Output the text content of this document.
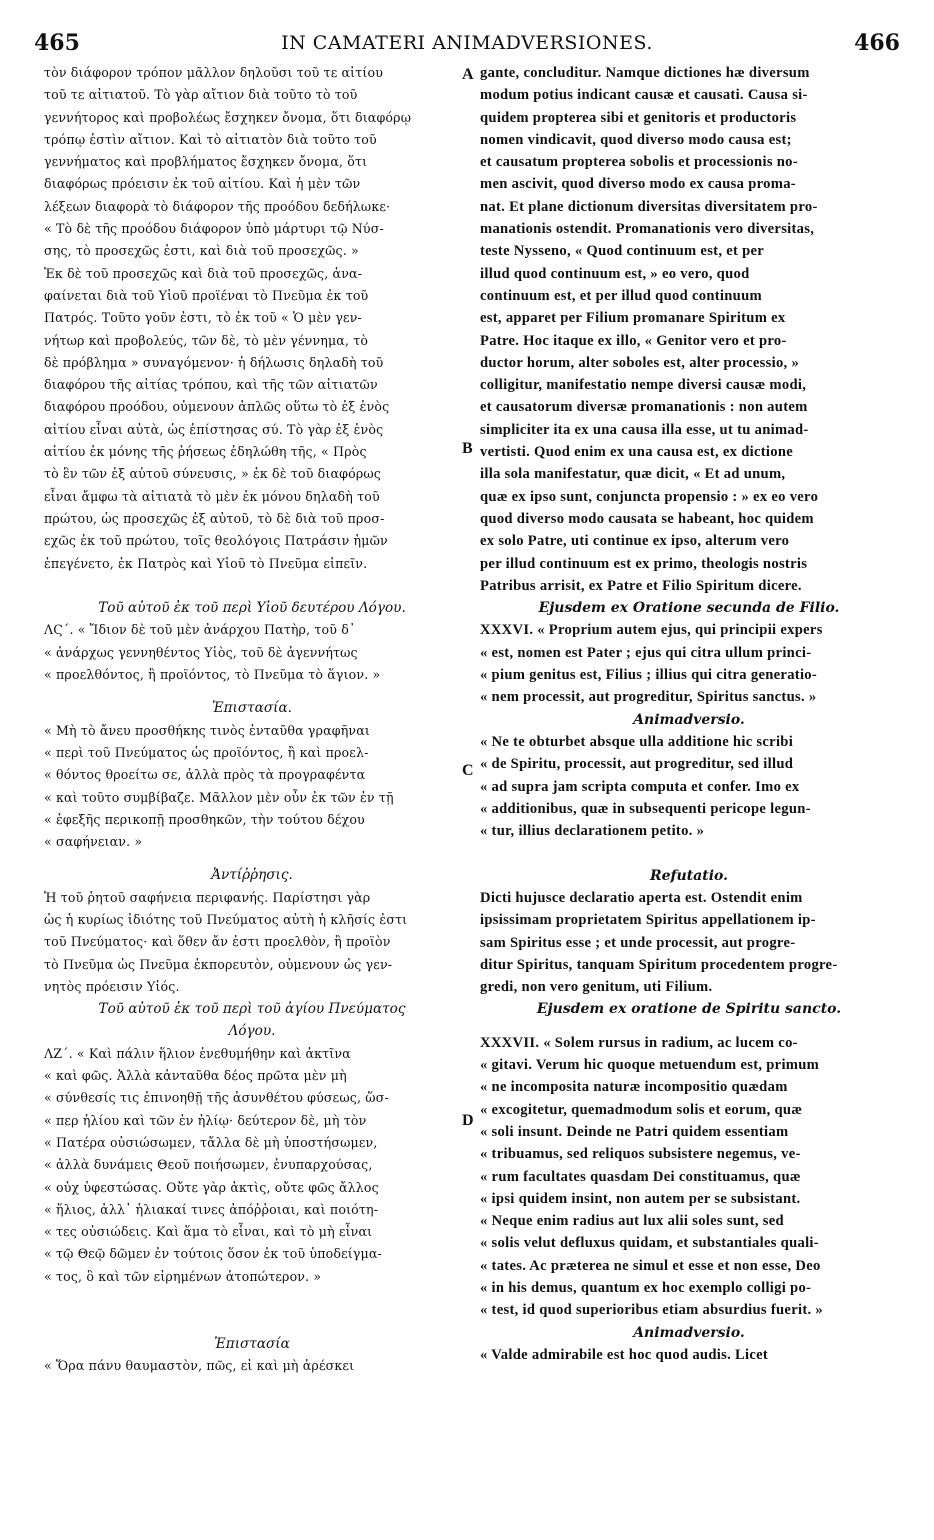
465	IN CAMATERI ANIMADVERSIONES.	466
τὸν διάφορον τρόπον μᾶλλον δηλοῦσι τοῦ τε αἰτίου
τοῦ τε αἰτιατοῦ. Τὸ γὰρ αἴτιον διὰ τοῦτο τὸ τοῦ
γεννήτορος καὶ προβολέως ἔσχηκεν ὄνομα, ὅτι διαφόρῳ
τρόπῳ ἐστὶν αἴτιον. Καὶ τὸ αἰτιατὸν διὰ τοῦτο τοῦ
γεννήματος καὶ προβλήματος ἔσχηκεν ὄνομα, ὅτι
διαφόρως πρόεισιν ἐκ τοῦ αἰτίου. Καὶ ἡ μὲν τῶν
λέξεων διαφορὰ τὸ διάφορον τῆς προόδου δεδήλωκε·
« Τὸ δὲ τῆς προόδου διάφορον ὑπὸ μάρτυρι τῷ Νύσ-
σης, τὸ προσεχῶς ἐστι, καὶ διὰ τοῦ προσεχῶς. »
Ἐκ δὲ τοῦ προσεχῶς καὶ διὰ τοῦ προσεχῶς, ἀνα-
φαίνεται διὰ τοῦ Υἱοῦ προϊέναι τὸ Πνεῦμα ἐκ τοῦ
Πατρός. Τοῦτο γοῦν ἐστι, τὸ ἐκ τοῦ « Ὁ μὲν γεν-
νήτωρ καὶ προβολεύς, τῶν δὲ, τὸ μὲν γέννημα, τὸ
δὲ πρόβλημα » συναγόμενον· ἡ δήλωσις δηλαδὴ τοῦ
διαφόρου τῆς αἰτίας τρόπου, καὶ τῆς τῶν αἰτιατῶν
διαφόρου προόδου, οὐμενουν ἁπλῶς οὕτω τὸ ἐξ ἑνὸς
αἰτίου εἶναι αὐτὰ, ὡς ἐπίστησας σύ. Τὸ γὰρ ἐξ ἑνὸς
αἰτίου ἐκ μόνης τῆς ῥήσεως ἐδηλώθη τῆς, « Πρὸς
τὸ ἓν τῶν ἐξ αὐτοῦ σύνευσις, » ἐκ δὲ τοῦ διαφόρως
εἶναι ἄμφω τὰ αἰτιατὰ τὸ μὲν ἐκ μόνου δηλαδὴ τοῦ
πρώτου, ὡς προσεχῶς ἐξ αὐτοῦ, τὸ δὲ διὰ τοῦ προσ-
εχῶς ἐκ τοῦ πρώτου, τοῖς θεολόγοις Πατράσιν ἡμῶν
ἐπεγένετο, ἐκ Πατρὸς καὶ Υἱοῦ τὸ Πνεῦμα εἰπεῖν.
Τοῦ αὐτοῦ ἐκ τοῦ περὶ Υἱοῦ δευτέρου Λόγου.
ΛϚ´. « Ἴδιον δὲ τοῦ μὲν ἀνάρχου Πατὴρ, τοῦ δ᾽
« ἀνάρχως γεννηθέντος Υἱὸς, τοῦ δὲ ἀγεννήτως
« προελθόντος, ἢ προϊόντος, τὸ Πνεῦμα τὸ ἅγιον. »
Ἐπιστασία.
« Μὴ τὸ ἄνευ προσθήκης τινὸς ἐνταῦθα γραφῆναι
« περὶ τοῦ Πνεύματος ὡς προϊόντος, ἢ καὶ προελ-
« θόντος θροείτω σε, ἀλλὰ πρὸς τὰ προγραφέντα
« καὶ τοῦτο συμβίβαζε. Μᾶλλον μὲν οὖν ἐκ τῶν ἐν τῇ
« ἐφεξῆς περικοπῇ προσθηκῶν, τὴν τούτου δέχου
« σαφήνειαν. »
Ἀντίῤῥησις.
Ἡ τοῦ ῥητοῦ σαφήνεια περιφανής. Παρίστησι γὰρ
ὡς ἡ κυρίως ἰδιότης τοῦ Πνεύματος αὐτὴ ἡ κλῆσίς ἐστι
τοῦ Πνεύματος· καὶ ὅθεν ἄν ἐστι προελθὸν, ἢ προϊὸν
τὸ Πνεῦμα ὡς Πνεῦμα ἐκπορευτὸν, οὐμενουν ὡς γεν-
νητὸς πρόεισιν Υἱός.
Τοῦ αὐτοῦ ἐκ τοῦ περὶ τοῦ ἁγίου Πνεύματος
Λόγου.
ΛΖ´. « Καὶ πάλιν ἥλιον ἐνεθυμήθην καὶ ἀκτῖνα
« καὶ φῶς. Ἀλλὰ κἀνταῦθα δέος πρῶτα μὲν μὴ
« σύνθεσίς τις ἐπινοηθῇ τῆς ἀσυνθέτου φύσεως, ὥσ-
« περ ἡλίου καὶ τῶν ἐν ἡλίῳ· δεύτερον δὲ, μὴ τὸν
« Πατέρα οὐσιώσωμεν, τἄλλα δὲ μὴ ὑποστήσωμεν,
« ἀλλὰ δυνάμεις Θεοῦ ποιήσωμεν, ἐνυπαρχούσας,
« οὐχ ὑφεστώσας. Οὔτε γὰρ ἀκτὶς, οὔτε φῶς ἄλλος
« ἥλιος, ἀλλ᾽ ἡλιακαί τινες ἀπόῤῥοιαι, καὶ ποιότη-
« τες οὐσιώδεις. Καὶ ἅμα τὸ εἶναι, καὶ τὸ μὴ εἶναι
« τῷ Θεῷ δῶμεν ἐν τούτοις ὅσον ἐκ τοῦ ὑποδείγμα-
« τος, ὃ καὶ τῶν εἰρημένων ἀτοπώτερον. »
Ἐπιστασία
« Ὅρα πάνυ θαυμαστὸν, πῶς, εἰ καὶ μὴ ἀρέσκει
gante, concluditur. Namque dictiones hæ diversum
modum potius indicant causæ et causati. Causa si-
quidem propterea sibi et genitoris et productoris
nomen vindicavit, quod diverso modo causa est;
et causatum propterea sobolis et processionis no-
men ascivit, quod diverso modo ex causa proma-
nat. Et plane dictionum diversitas diversitatem pro-
manationis ostendit. Promanationis vero diversitas,
teste Nysseno, « Quod continuum est, et per
illud quod continuum est, » eo vero, quod
continuum est, et per illud quod continuum
est, apparet per Filium promanare Spiritum ex
Patre. Hoc itaque ex illo, « Genitor vero et pro-
ductor horum, alter soboles est, alter processio, »
colligitur, manifestatio nempe diversi causæ modi,
et causatorum diversæ promanationis : non autem
simpliciter ita ex una causa illa esse, ut tu animad-
vertisti. Quod enim ex una causa est, ex dictione
illa sola manifestatur, quæ dicit, « Et ad unum,
quæ ex ipso sunt, conjuncta propensio : » ex eo vero
quod diverso modo causata se habeant, hoc quidem
ex solo Patre, uti continue ex ipso, alterum vero
per illud continuum est ex primo, theologis nostris
Patribus arrisit, ex Patre et Filio Spiritum dicere.
Ejusdem ex Oratione secunda de Filio.
XXXVI. « Proprium autem ejus, qui principii expers
« est, nomen est Pater ; ejus qui citra ullum princi-
« pium genitus est, Filius ; illius qui citra generatio-
« nem processit, aut progreditur, Spiritus sanctus. »
Animadversio.
« Ne te obturbet absque ulla additione hic scribi
« de Spiritu, processit, aut progreditur, sed illud
« ad supra jam scripta computa et confer. Imo ex
« additionibus, quæ in subsequenti pericope legun-
« tur, illius declarationem petito. »
Refutatio.
Dicti hujusce declaratio aperta est. Ostendit enim
ipsissimam proprietatem Spiritus appellationem ip-
sam Spiritus esse ; et unde processit, aut progre-
ditur Spiritus, tanquam Spiritum procedentem progre-
gredi, non vero genitum, uti Filium.
Ejusdem ex oratione de Spiritu sancto.
XXXVII. « Solem rursus in radium, ac lucem co-
« gitavi. Verum hic quoque metuendum est, primum
« ne incomposita naturæ incompositio quædam
« excogitetur, quemadmodum solis et eorum, quæ
« soli insunt. Deinde ne Patri quidem essentiam
« tribuamus, sed reliquos subsistere negemus, ve-
« rum facultates quasdam Dei constituamus, quæ
« ipsi quidem insint, non autem per se subsistant.
« Neque enim radius aut lux alii soles sunt, sed
« solis velut defluxus quidam, et substantiales quali-
« tates. Ac præterea ne simul et esse et non esse, Deo
« in his demus, quantum ex hoc exemplo colligi po-
« test, id quod superioribus etiam absurdius fuerit. »
Animadversio.
« Valde admirabile est hoc quod audis. Licet
A
B
C
D
